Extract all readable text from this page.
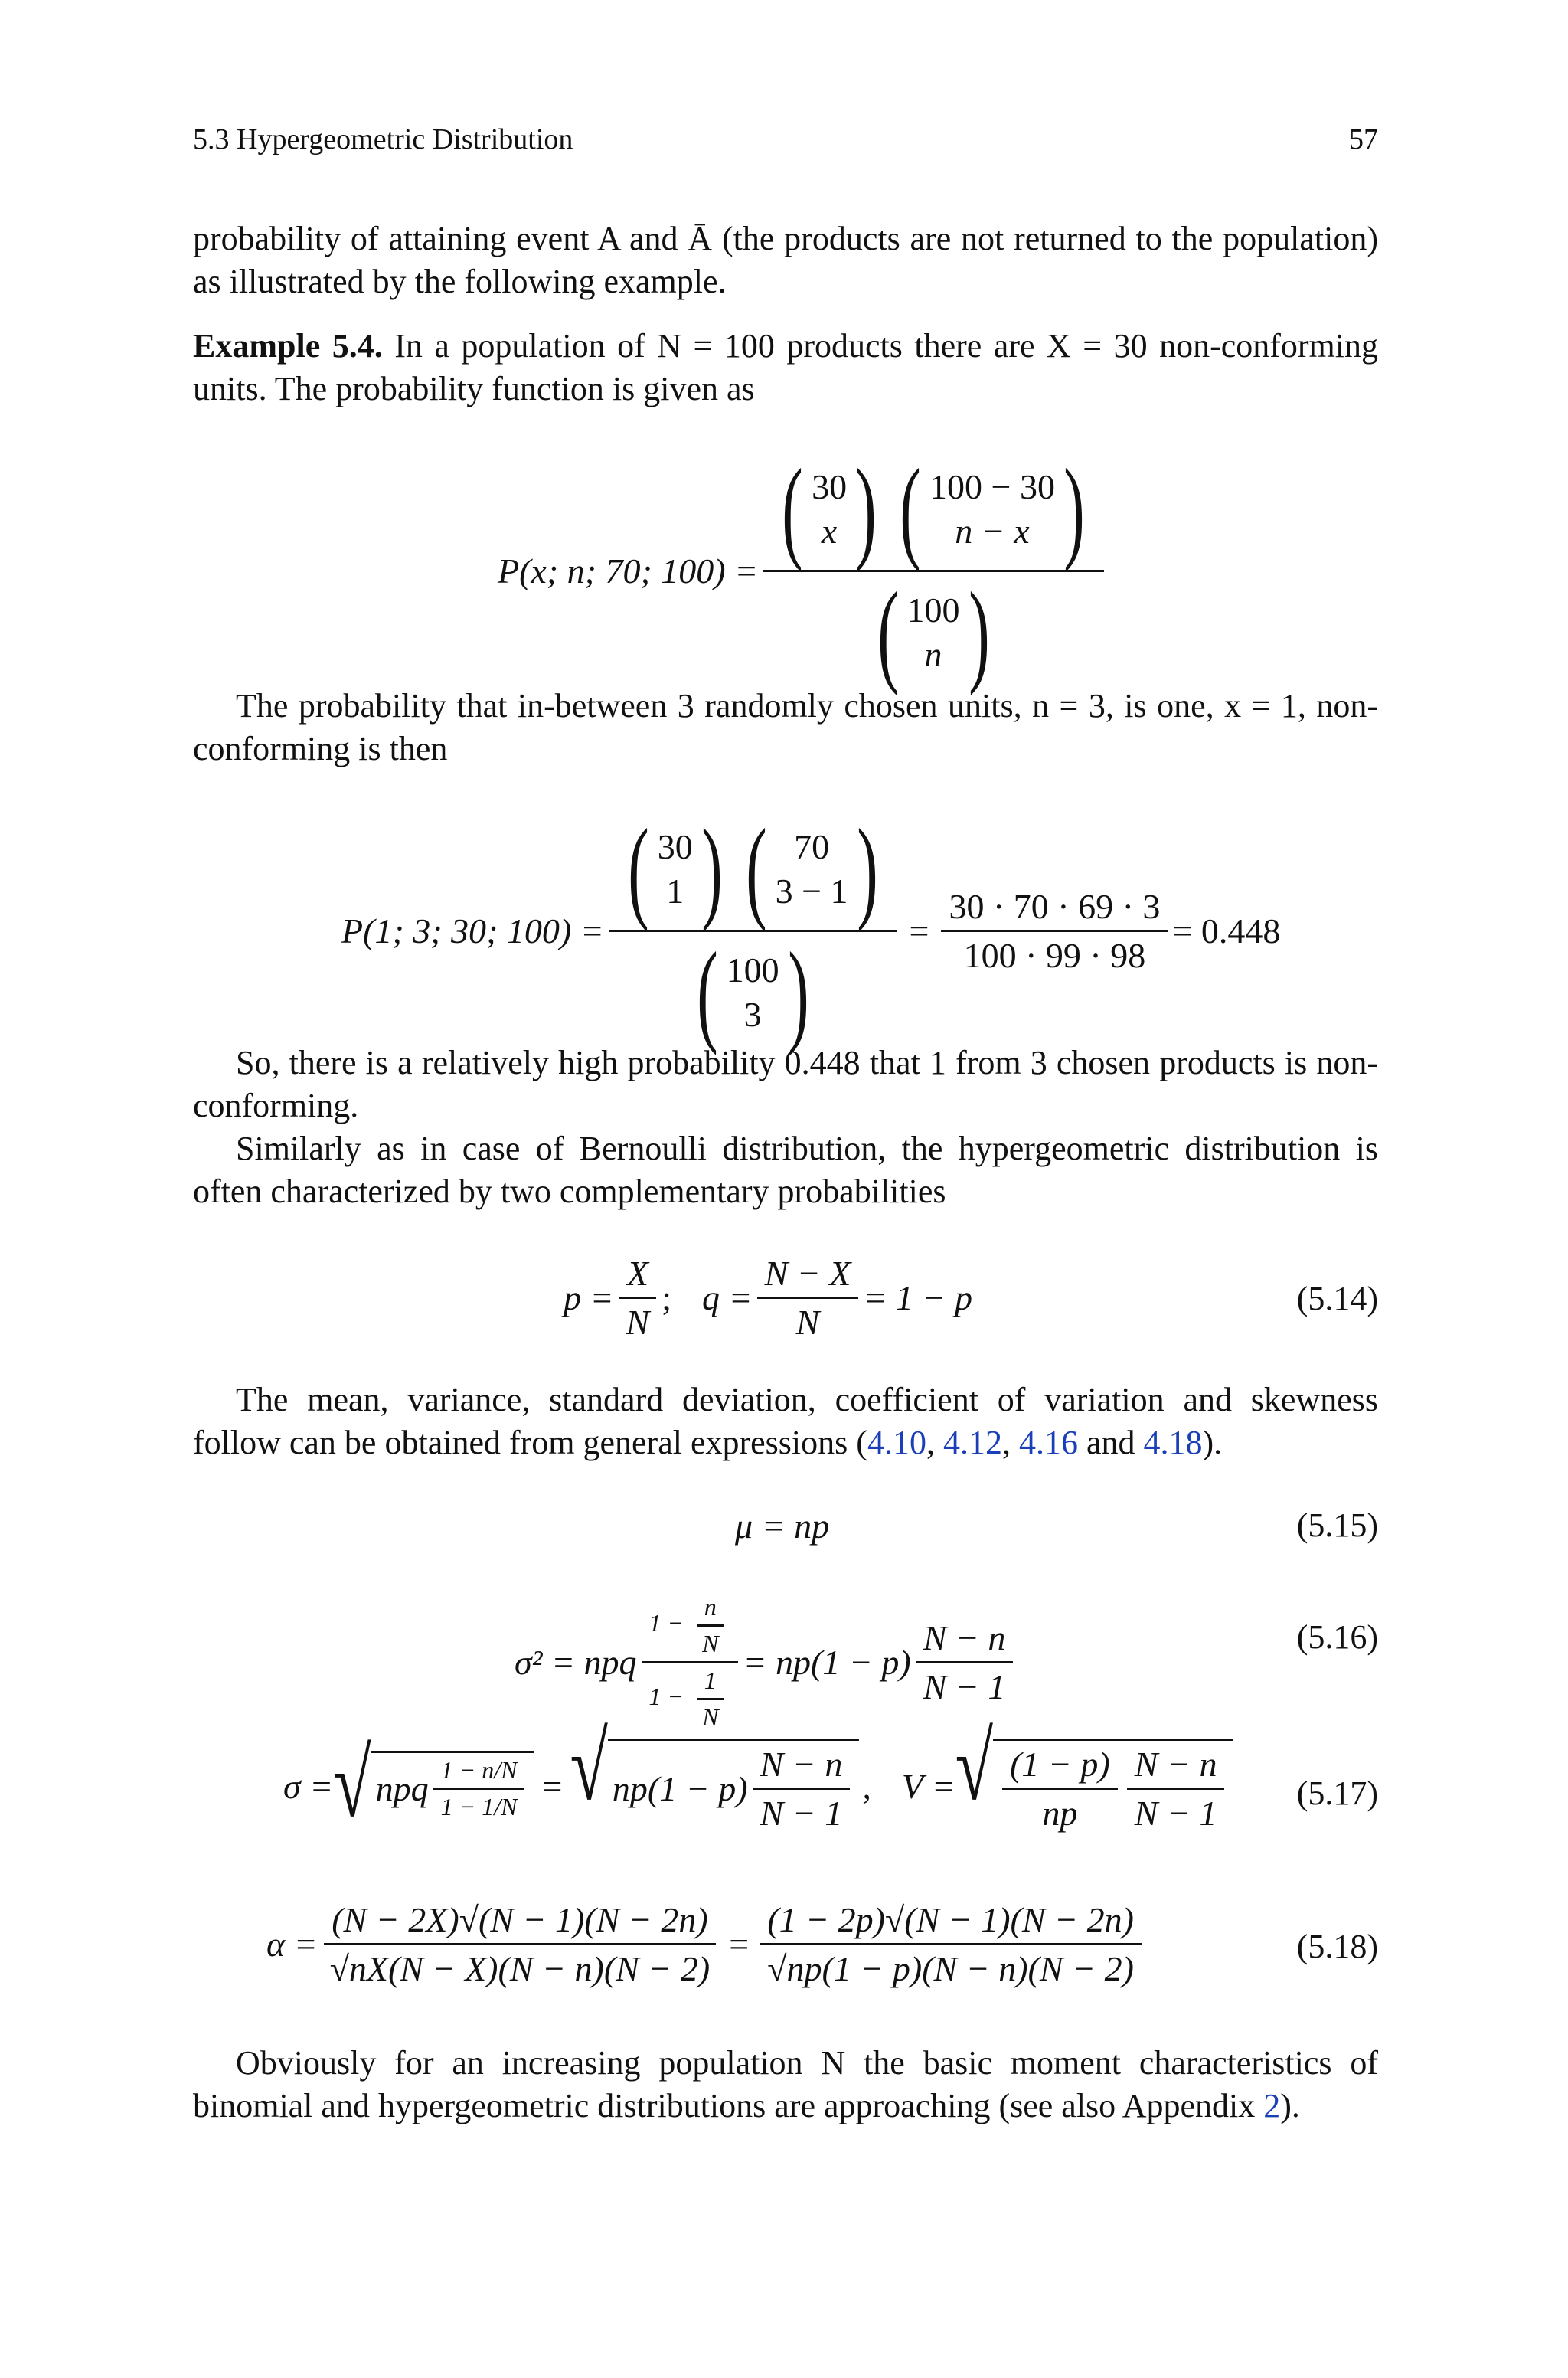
5.3 Hypergeometric Distribution	57
probability of attaining event A and Ā (the products are not returned to the population) as illustrated by the following example.
Example 5.4. In a population of N = 100 products there are X = 30 non-conforming units. The probability function is given as
P(x; n; 70; 100) = ( 30
x ) ( 100 − 30
n − x )
( 100
n )
The probability that in-between 3 randomly chosen units, n = 3, is one, x = 1, non-conforming is then
P(1; 3; 30; 100) = ( 30
1 ) ( 70
3 − 1 )
( 100
3 ) = $\frac{30 \cdot 70 \cdot 69 \cdot 3}{100 \cdot 99 \cdot 98} = 0.448$
So, there is a relatively high probability 0.448 that 1 from 3 chosen products is non-conforming.
Similarly as in case of Bernoulli distribution, the hypergeometric distribution is often characterized by two complementary probabilities
$p = \frac{X}{N}$ ; $q = \frac{N - X}{N} = 1 - p$	(5.14)
The mean, variance, standard deviation, coefficient of variation and skewness follow can be obtained from general expressions (4.10, 4.12, 4.16 and 4.18).
μ = np	(5.15)
σ² = npq $\frac{1 - \frac{n}{N}}{1 - \frac{1}{N}} = np(1 - p) \frac{N - n}{N - 1}$	(5.16)
σ = √ npq $\frac{1 - n/N}{1 - 1/N}$ = √ $np(1 - p) \frac{N - n}{N - 1}$ , V = √ $\frac{(1 - p)}{np} \frac{N - n}{N - 1} (5.17)$
$\alpha = \frac{(N - 2X)√(N - 1)(N - 2n)}{√nX(N - X)(N - n)(N - 2)} = \frac{(1 - 2p)√(N - 1)(N - 2n)}{√np(1 - p)(N - n)(N - 2)}$	(5.18)
Obviously for an increasing population N the basic moment characteristics of binomial and hypergeometric distributions are approaching (see also Appendix 2).
